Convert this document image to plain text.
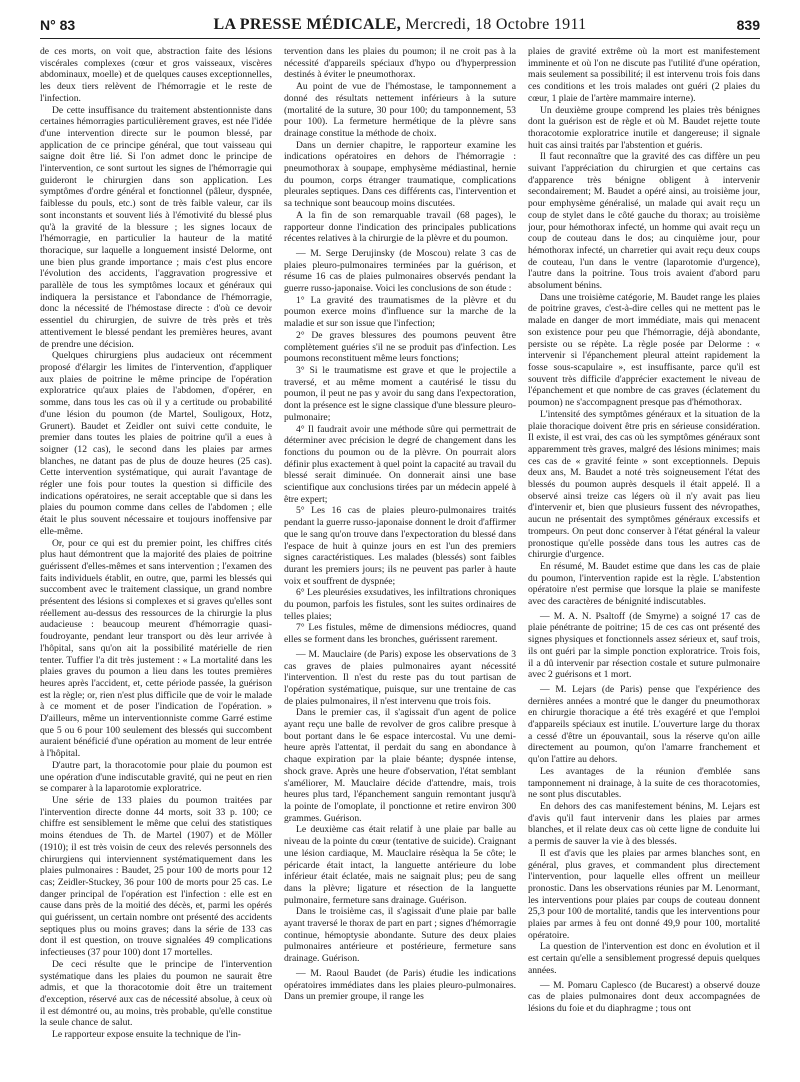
N° 83	LA PRESSE MÉDICALE, Mercredi, 18 Octobre 1911	839

de ces morts, on voit que, abstraction faite des lésions viscérales complexes (cœur et gros vaisseaux, viscères abdominaux, moelle) et de quelques causes exceptionnelles, les deux tiers relèvent de l'hémorragie et le reste de l'infection.

De cette insuffisance du traitement abstentionniste dans certaines hémorragies particulièrement graves, est née l'idée d'une intervention directe sur le poumon blessé, par application de ce principe général, que tout vaisseau qui saigne doit être lié. Si l'on admet donc le principe de l'intervention, ce sont surtout les signes de l'hémorragie qui guideront le chirurgien dans son application. Les symptômes d'ordre général et fonctionnel (pâleur, dyspnée, faiblesse du pouls, etc.) sont de très faible valeur, car ils sont inconstants et souvent liés à l'émotivité du blessé plus qu'à la gravité de la blessure ; les signes locaux de l'hémorragie, en particulier la hauteur de la matité thoracique, sur laquelle a longuement insisté Delorme, ont une bien plus grande importance ; mais c'est plus encore l'évolution des accidents, l'aggravation progressive et parallèle de tous les symptômes locaux et généraux qui indiquera la persistance et l'abondance de l'hémorragie, donc la nécessité de l'hémostase directe : d'où ce devoir essentiel du chirurgien, de suivre de très près et très attentivement le blessé pendant les premières heures, avant de prendre une décision.

Quelques chirurgiens plus audacieux ont récemment proposé d'élargir les limites de l'intervention, d'appliquer aux plaies de poitrine le même principe de l'opération exploratrice qu'aux plaies de l'abdomen, d'opérer, en somme, dans tous les cas où il y a certitude ou probabilité d'une lésion du poumon (de Martel, Souligoux, Hotz, Grunert). Baudet et Zeidler ont suivi cette conduite, le premier dans toutes les plaies de poitrine qu'il a eues à soigner (12 cas), le second dans les plaies par armes blanches, ne datant pas de plus de douze heures (25 cas). Cette intervention systématique, qui aurait l'avantage de régler une fois pour toutes la question si difficile des indications opératoires, ne serait acceptable que si dans les plaies du poumon comme dans celles de l'abdomen ; elle était le plus souvent nécessaire et toujours inoffensive par elle-même.

Or, pour ce qui est du premier point, les chiffres cités plus haut démontrent que la majorité des plaies de poitrine guérissent d'elles-mêmes et sans intervention ; l'examen des faits individuels établit, en outre, que, parmi les blessés qui succombent avec le traitement classique, un grand nombre présentent des lésions si complexes et si graves qu'elles sont réellement au-dessus des ressources de la chirurgie la plus audacieuse : beaucoup meurent d'hémorragie quasi-foudroyante, pendant leur transport ou dès leur arrivée à l'hôpital, sans qu'on ait la possibilité matérielle de rien tenter. Tuffier l'a dit très justement : « La mortalité dans les plaies graves du poumon a lieu dans les toutes premières heures après l'accident, et, cette période passée, la guérison est la règle; or, rien n'est plus difficile que de voir le malade à ce moment et de poser l'indication de l'opération. » D'ailleurs, même un interventionniste comme Garré estime que 5 ou 6 pour 100 seulement des blessés qui succombent auraient bénéficié d'une opération au moment de leur entrée à l'hôpital.

D'autre part, la thoracotomie pour plaie du poumon est une opération d'une indiscutable gravité, qui ne peut en rien se comparer à la laparotomie exploratrice.

Une série de 133 plaies du poumon traitées par l'intervention directe donne 44 morts, soit 33 p. 100; ce chiffre est sensiblement le même que celui des statistiques moins étendues de Th. de Martel (1907) et de Möller (1910); il est très voisin de ceux des relevés personnels des chirurgiens qui interviennent systématiquement dans les plaies pulmonaires : Baudet, 25 pour 100 de morts pour 12 cas; Zeidler-Stuckey, 36 pour 100 de morts pour 25 cas. Le danger principal de l'opération est l'infection : elle est en cause dans près de la moitié des décès, et, parmi les opérés qui guérissent, un certain nombre ont présenté des accidents septiques plus ou moins graves; dans la série de 133 cas dont il est question, on trouve signalées 49 complications infectieuses (37 pour 100) dont 17 mortelles.

De ceci résulte que le principe de l'intervention systématique dans les plaies du poumon ne saurait être admis, et que la thoracotomie doit être un traitement d'exception, réservé aux cas de nécessité absolue, à ceux où il est démontré ou, au moins, très probable, qu'elle constitue la seule chance de salut.

Le rapporteur expose ensuite la technique de l'in-

tervention dans les plaies du poumon; il ne croit pas à la nécessité d'appareils spéciaux d'hypo ou d'hyperpression destinés à éviter le pneumothorax.

Au point de vue de l'hémostase, le tamponnement a donné des résultats nettement inférieurs à la suture (mortalité de la suture, 30 pour 100; du tamponnement, 53 pour 100). La fermeture hermétique de la plèvre sans drainage constitue la méthode de choix.

Dans un dernier chapitre, le rapporteur examine les indications opératoires en dehors de l'hémorragie : pneumothorax à soupape, emphysème médiastinal, hernie du poumon, corps étranger traumatique, complications pleurales septiques. Dans ces différents cas, l'intervention et sa technique sont beaucoup moins discutées.

A la fin de son remarquable travail (68 pages), le rapporteur donne l'indication des principales publications récentes relatives à la chirurgie de la plèvre et du poumon.

— M. Serge Derujinsky (de Moscou) relate 3 cas de plaies pleuro-pulmonaires terminées par la guérison, et résume 16 cas de plaies pulmonaires observés pendant la guerre russo-japonaise. Voici les conclusions de son étude :

1° La gravité des traumatismes de la plèvre et du poumon exerce moins d'influence sur la marche de la maladie et sur son issue que l'infection;

2° De graves blessures des poumons peuvent être complètement guéries s'il ne se produit pas d'infection. Les poumons reconstituent même leurs fonctions;

3° Si le traumatisme est grave et que le projectile a traversé, et au même moment a cautérisé le tissu du poumon, il peut ne pas y avoir du sang dans l'expectoration, dont la présence est le signe classique d'une blessure pleuro-pulmonaire;

4° Il faudrait avoir une méthode sûre qui permettrait de déterminer avec précision le degré de changement dans les fonctions du poumon ou de la plèvre. On pourrait alors définir plus exactement à quel point la capacité au travail du blessé serait diminuée. On donnerait ainsi une base scientifique aux conclusions tirées par un médecin appelé à être expert;

5° Les 16 cas de plaies pleuro-pulmonaires traités pendant la guerre russo-japonaise donnent le droit d'affirmer que le sang qu'on trouve dans l'expectoration du blessé dans l'espace de huit à quinze jours en est l'un des premiers signes caractéristiques. Les malades (blessés) sont faibles durant les premiers jours; ils ne peuvent pas parler à haute voix et souffrent de dyspnée;

6° Les pleurésies exsudatives, les infiltrations chroniques du poumon, parfois les fistules, sont les suites ordinaires de telles plaies;

7° Les fistules, même de dimensions médiocres, quand elles se forment dans les bronches, guérissent rarement.

— M. Mauclaire (de Paris) expose les observations de 3 cas graves de plaies pulmonaires ayant nécessité l'intervention. Il n'est du reste pas du tout partisan de l'opération systématique, puisque, sur une trentaine de cas de plaies pulmonaires, il n'est intervenu que trois fois.

Dans le premier cas, il s'agissait d'un agent de police ayant reçu une balle de revolver de gros calibre presque à bout portant dans le 6e espace intercostal. Vu une demi-heure après l'attentat, il perdait du sang en abondance à chaque expiration par la plaie béante; dyspnée intense, shock grave. Après une heure d'observation, l'état semblant s'améliorer, M. Mauclaire décide d'attendre, mais, trois heures plus tard, l'épanchement sanguin remontant jusqu'à la pointe de l'omoplate, il ponctionne et retire environ 300 grammes. Guérison.

Le deuxième cas était relatif à une plaie par balle au niveau de la pointe du cœur (tentative de suicide). Craignant une lésion cardiaque, M. Mauclaire résèqua la 5e côte; le péricarde était intact, la languette antérieure du lobe inférieur était éclatée, mais ne saignait plus; peu de sang dans la plèvre; ligature et résection de la languette pulmonaire, fermeture sans drainage. Guérison.

Dans le troisième cas, il s'agissait d'une plaie par balle ayant traversé le thorax de part en part ; signes d'hémorragie continue, hémoptysie abondante. Suture des deux plaies pulmonaires antérieure et postérieure, fermeture sans drainage. Guérison.

— M. Raoul Baudet (de Paris) étudie les indications opératoires immédiates dans les plaies pleuro-pulmonaires. Dans un premier groupe, il range les

plaies de gravité extrême où la mort est manifestement imminente et où l'on ne discute pas l'utilité d'une opération, mais seulement sa possibilité; il est intervenu trois fois dans ces conditions et les trois malades ont guéri (2 plaies du cœur, 1 plaie de l'artère mammaire interne).

Un deuxième groupe comprend les plaies très bénignes dont la guérison est de règle et où M. Baudet rejette toute thoracotomie exploratrice inutile et dangereuse; il signale huit cas ainsi traités par l'abstention et guéris.

Il faut reconnaître que la gravité des cas diffère un peu suivant l'appréciation du chirurgien et que certains cas d'apparence très bénigne obligent à intervenir secondairement; M. Baudet a opéré ainsi, au troisième jour, pour emphysème généralisé, un malade qui avait reçu un coup de stylet dans le côté gauche du thorax; au troisième jour, pour hémothorax infecté, un homme qui avait reçu un coup de couteau dans le dos; au cinquième jour, pour hémothorax infecté, un charretier qui avait reçu deux coups de couteau, l'un dans le ventre (laparotomie d'urgence), l'autre dans la poitrine. Tous trois avaient d'abord paru absolument bénins.

Dans une troisième catégorie, M. Baudet range les plaies de poitrine graves, c'est-à-dire celles qui ne mettent pas le malade en danger de mort immédiate, mais qui menacent son existence pour peu que l'hémorragie, déjà abondante, persiste ou se répète. La règle posée par Delorme : « intervenir si l'épanchement pleural atteint rapidement la fosse sous-scapulaire », est insuffisante, parce qu'il est souvent très difficile d'apprécier exactement le niveau de l'épanchement et que nombre de cas graves (éclatement du poumon) ne s'accompagnent presque pas d'hémothorax.

L'intensité des symptômes généraux et la situation de la plaie thoracique doivent être pris en sérieuse considération. Il existe, il est vrai, des cas où les symptômes généraux sont apparemment très graves, malgré des lésions minimes; mais ces cas de « gravité feinte » sont exceptionnels. Depuis deux ans, M. Baudet a noté très soigneusement l'état des blessés du poumon auprès desquels il était appelé. Il a observé ainsi treize cas légers où il n'y avait pas lieu d'intervenir et, bien que plusieurs fussent des névropathes, aucun ne présentait des symptômes généraux excessifs et trompeurs. On peut donc conserver à l'état général la valeur pronostique qu'elle possède dans tous les autres cas de chirurgie d'urgence.

En résumé, M. Baudet estime que dans les cas de plaie du poumon, l'intervention rapide est la règle. L'abstention opératoire n'est permise que lorsque la plaie se manifeste avec des caractères de bénignité indiscutables.

— M. A. N. Psaltoff (de Smyrne) a soigné 17 cas de plaie pénétrante de poitrine; 15 de ces cas ont présenté des signes physiques et fonctionnels assez sérieux et, sauf trois, ils ont guéri par la simple ponction exploratrice. Trois fois, il a dû intervenir par résection costale et suture pulmonaire avec 2 guérisons et 1 mort.

— M. Lejars (de Paris) pense que l'expérience des dernières années a montré que le danger du pneumothorax en chirurgie thoracique a été très exagéré et que l'emploi d'appareils spéciaux est inutile. L'ouverture large du thorax a cessé d'être un épouvantail, sous la réserve qu'on aille directement au poumon, qu'on l'amarre franchement et qu'on l'attire au dehors.

Les avantages de la réunion d'emblée sans tamponnement ni drainage, à la suite de ces thoracotomies, ne sont plus discutables.

En dehors des cas manifestement bénins, M. Lejars est d'avis qu'il faut intervenir dans les plaies par armes blanches, et il relate deux cas où cette ligne de conduite lui a permis de sauver la vie à des blessés.

Il est d'avis que les plaies par armes blanches sont, en général, plus graves, et commandent plus directement l'intervention, pour laquelle elles offrent un meilleur pronostic. Dans les observations réunies par M. Lenormant, les interventions pour plaies par coups de couteau donnent 25,3 pour 100 de mortalité, tandis que les interventions pour plaies par armes à feu ont donné 49,9 pour 100, mortalité opératoire.

La question de l'intervention est donc en évolution et il est certain qu'elle a sensiblement progressé depuis quelques années.

— M. Pomaru Caplesco (de Bucarest) a observé douze cas de plaies pulmonaires dont deux accompagnées de lésions du foie et du diaphragme ; tous ont
